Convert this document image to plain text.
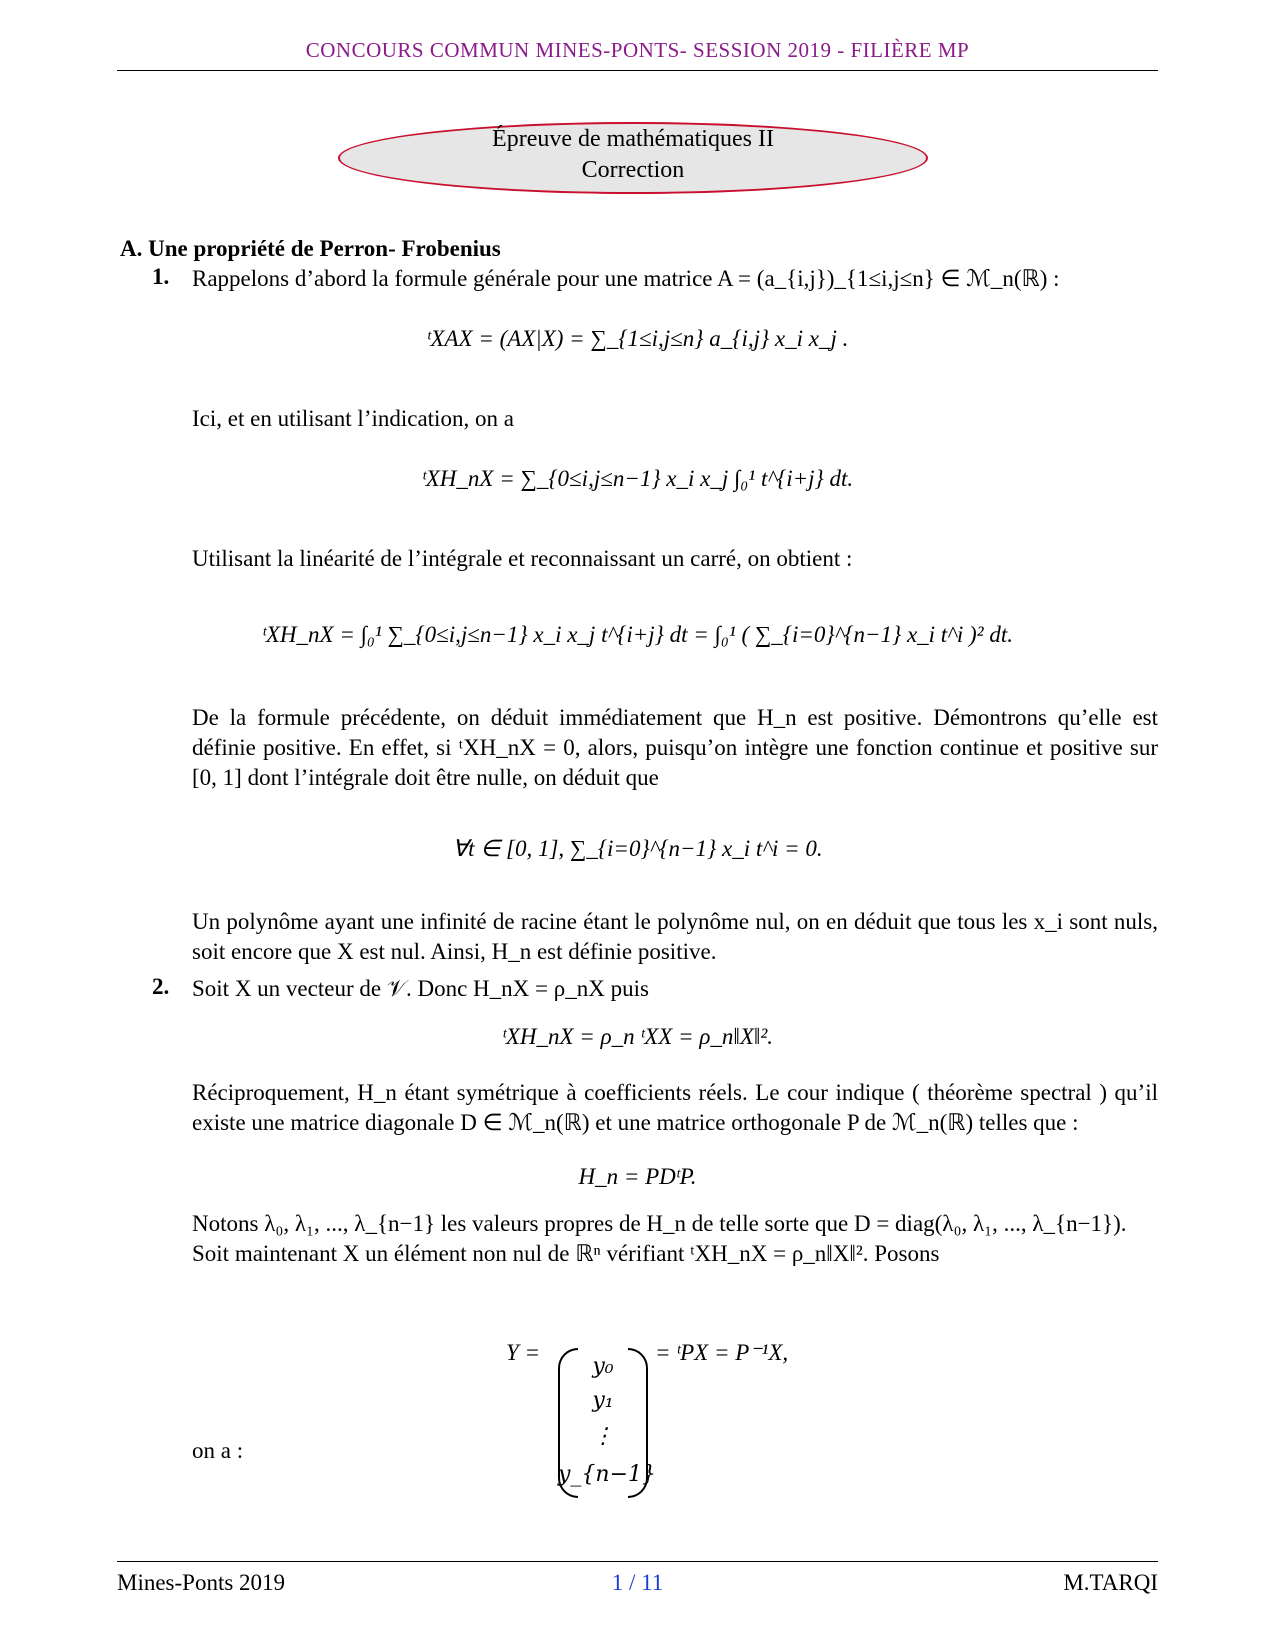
CONCOURS COMMUN MINES-PONTS- SESSION 2019 - FILIÈRE MP
Épreuve de mathématiques II
Correction
A. Une propriété de Perron- Frobenius
1. Rappelons d’abord la formule générale pour une matrice A = (a_{i,j})_{1≤i,j≤n} ∈ ℳ_n(ℝ) :
ᵗXAX = (AX|X) = ∑_{1≤i,j≤n} a_{i,j} x_i x_j .
Ici, et en utilisant l’indication, on a
ᵗXH_nX = ∑_{0≤i,j≤n−1} x_i x_j ∫₀¹ t^{i+j} dt.
Utilisant la linéarité de l’intégrale et reconnaissant un carré, on obtient :
ᵗXH_nX = ∫₀¹ ∑_{0≤i,j≤n−1} x_i x_j t^{i+j} dt = ∫₀¹ ( ∑_{i=0}^{n−1} x_i t^i )² dt.
De la formule précédente, on déduit immédiatement que H_n est positive. Démontrons qu’elle est définie positive. En effet, si ᵗXH_nX = 0, alors, puisqu’on intègre une fonction continue et positive sur [0, 1] dont l’intégrale doit être nulle, on déduit que
∀t ∈ [0, 1], ∑_{i=0}^{n−1} x_i t^i = 0.
Un polynôme ayant une infinité de racine étant le polynôme nul, on en déduit que tous les x_i sont nuls, soit encore que X est nul. Ainsi, H_n est définie positive.
2. Soit X un vecteur de 𝒱. Donc H_nX = ρ_nX puis
ᵗXH_nX = ρ_n ᵗXX = ρ_n‖X‖².
Réciproquement, H_n étant symétrique à coefficients réels. Le cour indique ( théorème spectral ) qu’il existe une matrice diagonale D ∈ ℳ_n(ℝ) et une matrice orthogonale P de ℳ_n(ℝ) telles que :
H_n = PDᵗP.
Notons λ₀, λ₁, ..., λ_{n−1} les valeurs propres de H_n de telle sorte que D = diag(λ₀, λ₁, ..., λ_{n−1}). Soit maintenant X un élément non nul de ℝⁿ vérifiant ᵗXH_nX = ρ_n‖X‖². Posons
Y =
y₀
y₁
⋮
y_{n−1}
= ᵗPX = P⁻¹X,
on a :
Mines-Ponts 2019	1 / 11	M.TARQI
